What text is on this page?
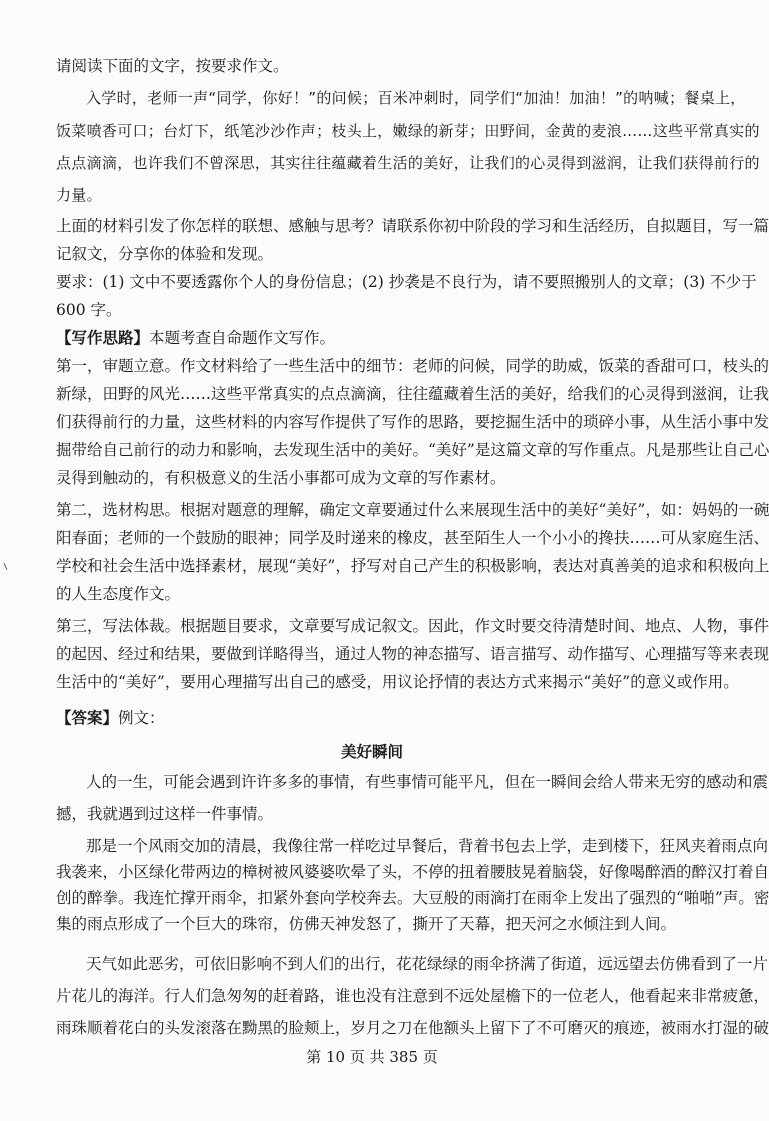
请阅读下面的文字，按要求作文。
入学时，老师一声“同学，你好！”的问候；百米冲刺时，同学们“加油！加油！”的呐喊；餐桌上，
饭菜喷香可口；台灯下，纸笔沙沙作声；枝头上，嫩绿的新芽；田野间，金黄的麦浪……这些平常真实的
点点滴滴，也许我们不曾深思，其实往往蕴藏着生活的美好，让我们的心灵得到滋润，让我们获得前行的
力量。
上面的材料引发了你怎样的联想、感触与思考？请联系你初中阶段的学习和生活经历，自拟题目，写一篇
记叙文，分享你的体验和发现。
要求：(1) 文中不要透露你个人的身份信息；(2) 抄袭是不良行为，请不要照搬别人的文章；(3) 不少于
600 字。
【写作思路】本题考查自命题作文写作。
第一，审题立意。作文材料给了一些生活中的细节：老师的问候，同学的助威，饭菜的香甜可口，枝头的
新绿，田野的风光……这些平常真实的点点滴滴，往往蕴藏着生活的美好，给我们的心灵得到滋润，让我
们获得前行的力量，这些材料的内容写作提供了写作的思路，要挖掘生活中的琐碎小事，从生活小事中发
掘带给自己前行的动力和影响，去发现生活中的美好。“美好”是这篇文章的写作重点。凡是那些让自己心
灵得到触动的，有积极意义的生活小事都可成为文章的写作素材。
第二，选材构思。根据对题意的理解，确定文章要通过什么来展现生活中的美好“美好”，如：妈妈的一碗
阳春面；老师的一个鼓励的眼神；同学及时递来的橡皮，甚至陌生人一个小小的搀扶……可从家庭生活、
学校和社会生活中选择素材，展现“美好”，抒写对自己产生的积极影响，表达对真善美的追求和积极向上
的人生态度作文。
第三，写法体裁。根据题目要求，文章要写成记叙文。因此，作文时要交待清楚时间、地点、人物，事件
的起因、经过和结果，要做到详略得当，通过人物的神态描写、语言描写、动作描写、心理描写等来表现
生活中的“美好”，要用心理描写出自己的感受，用议论抒情的表达方式来揭示“美好”的意义或作用。
【答案】例文：
美好瞬间
人的一生，可能会遇到许许多多的事情，有些事情可能平凡，但在一瞬间会给人带来无穷的感动和震
撼，我就遇到过这样一件事情。
那是一个风雨交加的清晨，我像往常一样吃过早餐后，背着书包去上学，走到楼下，狂风夹着雨点向
我袭来，小区绿化带两边的樟树被风婆婆吹晕了头，不停的扭着腰肢晃着脑袋，好像喝醉酒的醉汉打着自
创的醉拳。我连忙撑开雨伞，扣紧外套向学校奔去。大豆般的雨滴打在雨伞上发出了强烈的“啪啪”声。密
集的雨点形成了一个巨大的珠帘，仿佛天神发怒了，撕开了天幕，把天河之水倾注到人间。
天气如此恶劣，可依旧影响不到人们的出行，花花绿绿的雨伞挤满了街道，远远望去仿佛看到了一片
片花儿的海洋。行人们急匆匆的赶着路，谁也没有注意到不远处屋檐下的一位老人，他看起来非常疲惫，
雨珠顺着花白的头发滚落在黝黑的脸颊上，岁月之刀在他额头上留下了不可磨灭的痕迹，被雨水打湿的破
第 10 页 共 385 页
